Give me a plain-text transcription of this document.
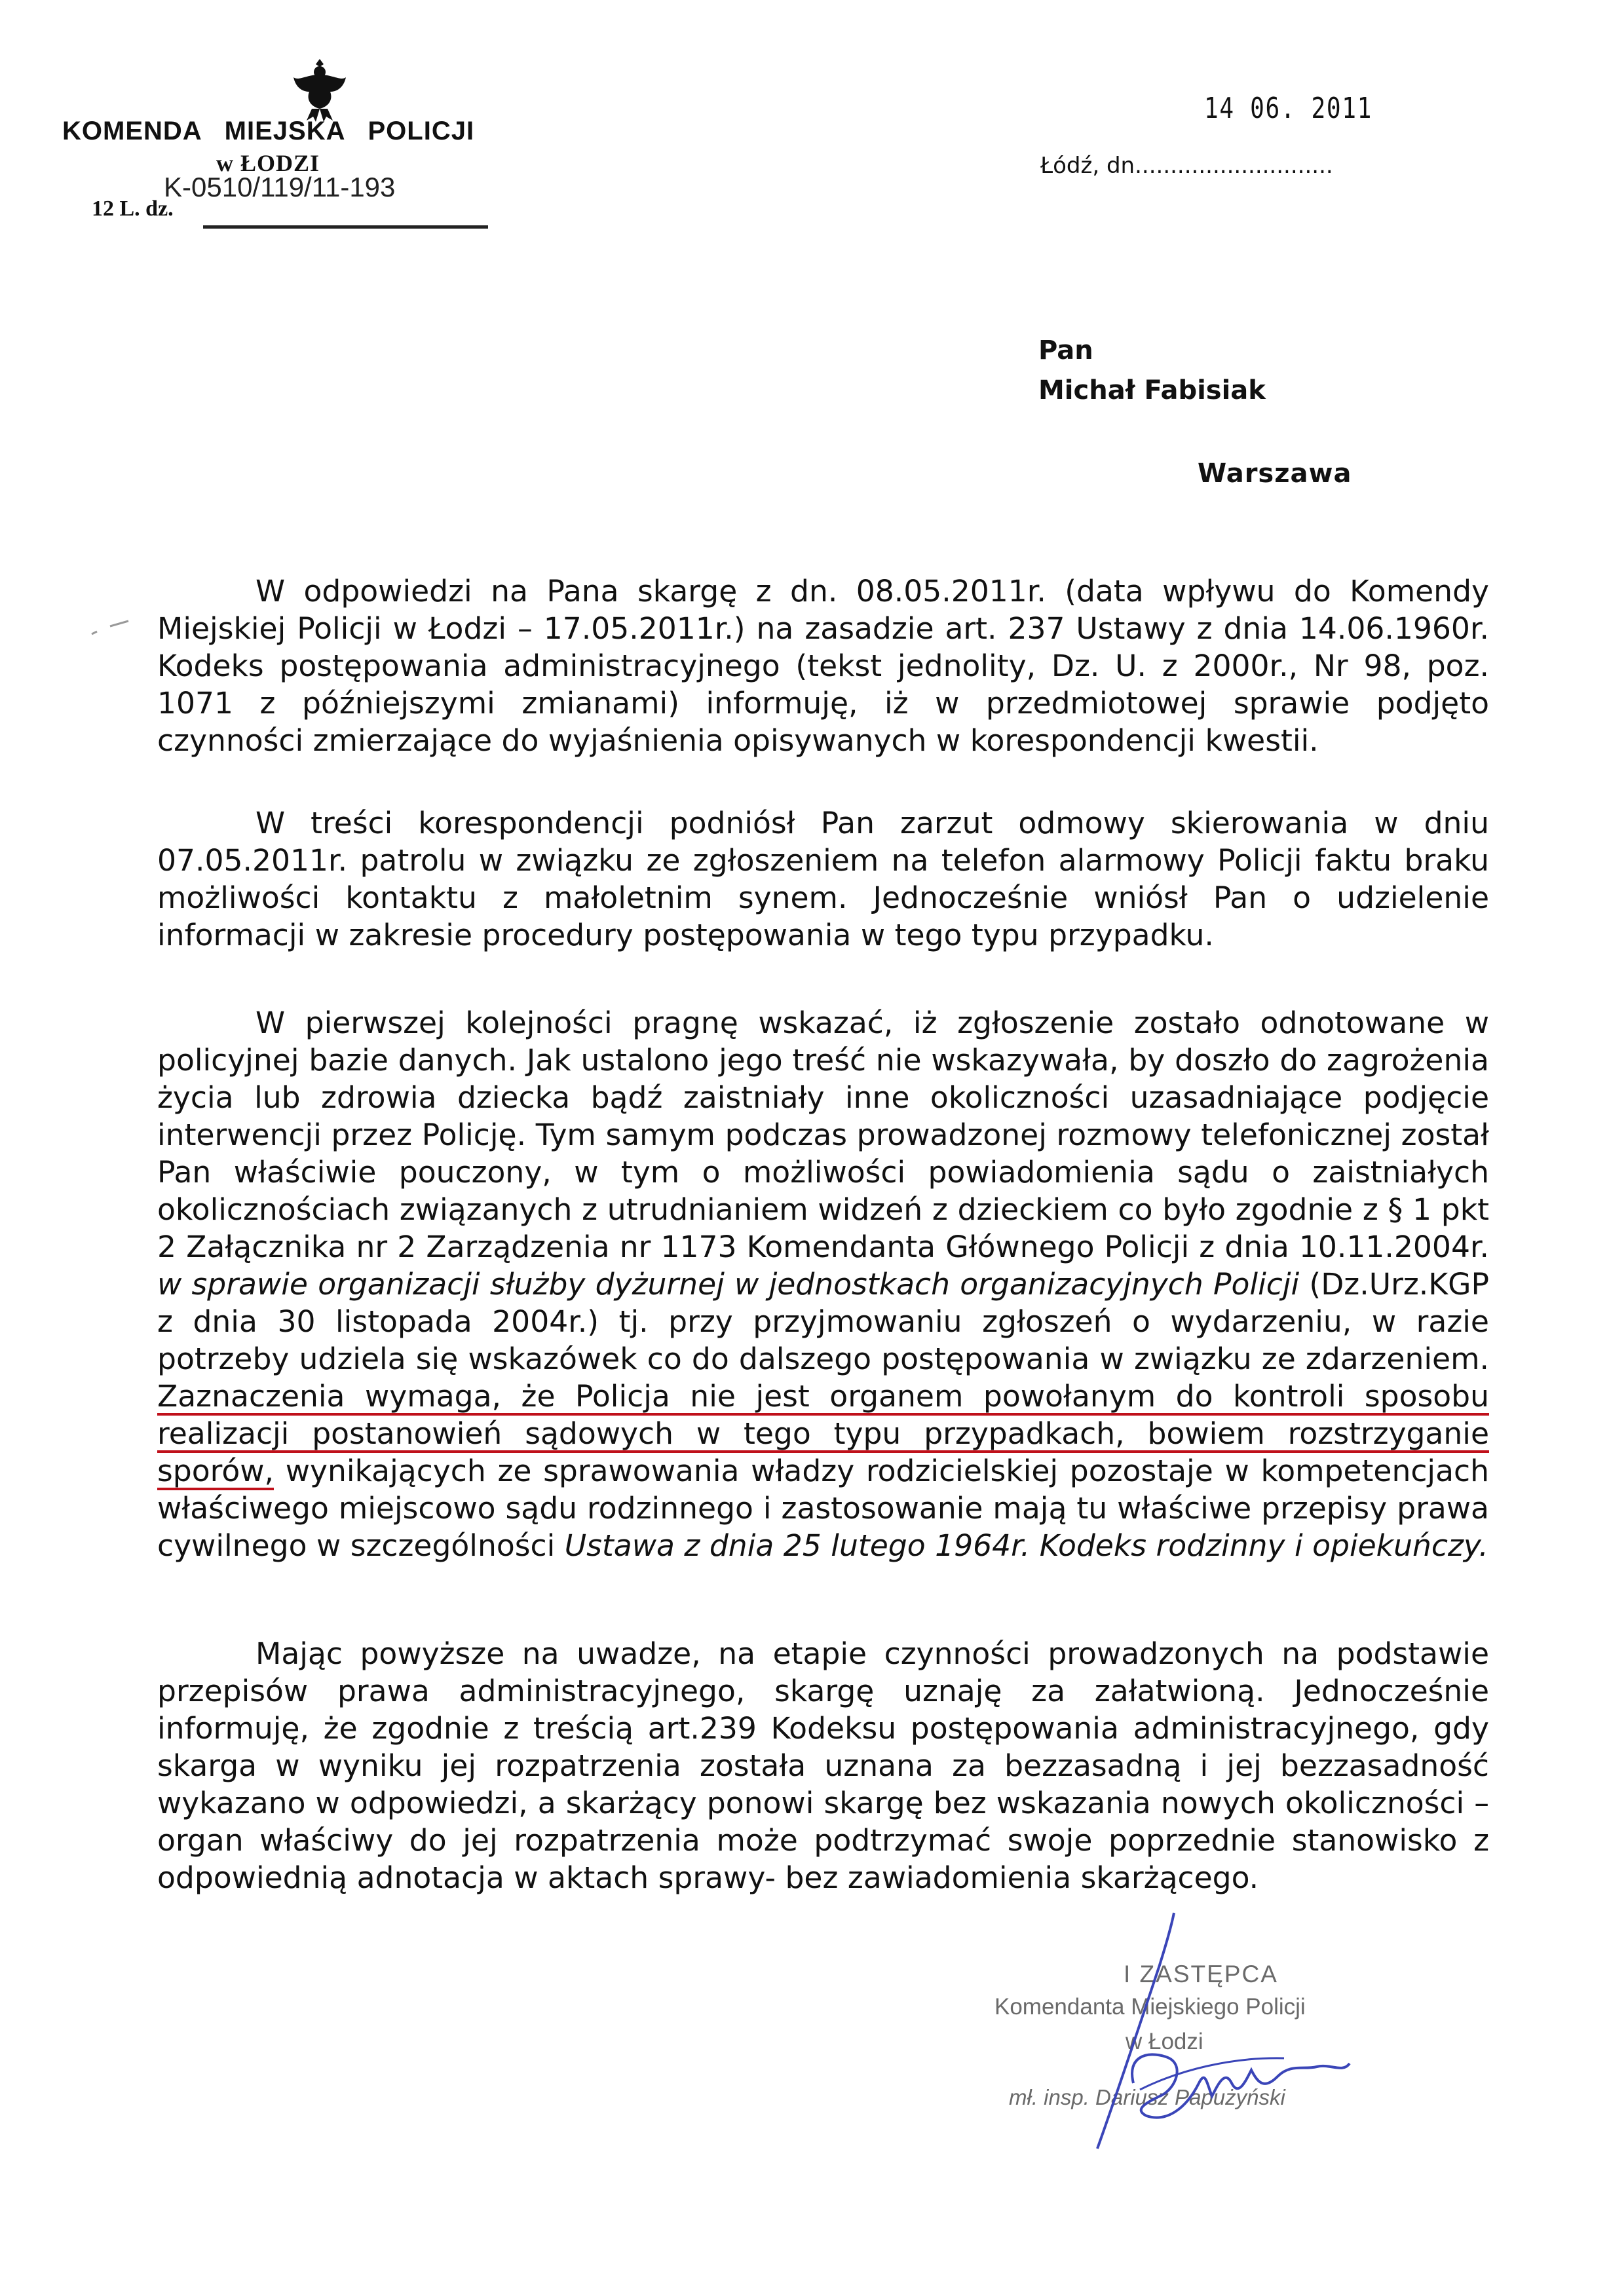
KOMENDA MIEJSKA POLICJI
w ŁODZI
12 L. dz.
K-0510/119/11-193
14 06. 2011
Łódź, dn............................
Pan
Michał Fabisiak
Warszawa
W odpowiedzi na Pana skargę z dn. 08.05.2011r. (data wpływu do Komendy Miejskiej Policji w Łodzi – 17.05.2011r.) na zasadzie art. 237 Ustawy z dnia 14.06.1960r. Kodeks postępowania administracyjnego (tekst jednolity, Dz. U. z 2000r., Nr 98, poz. 1071 z późniejszymi zmianami) informuję, iż w przedmiotowej sprawie podjęto czynności zmierzające do wyjaśnienia opisywanych w korespondencji kwestii.
W treści korespondencji podniósł Pan zarzut odmowy skierowania w dniu 07.05.2011r. patrolu w związku ze zgłoszeniem na telefon alarmowy Policji faktu braku możliwości kontaktu z małoletnim synem. Jednocześnie wniósł Pan o udzielenie informacji w zakresie procedury postępowania w tego typu przypadku.
W pierwszej kolejności pragnę wskazać, iż zgłoszenie zostało odnotowane w policyjnej bazie danych. Jak ustalono jego treść nie wskazywała, by doszło do zagrożenia życia lub zdrowia dziecka bądź zaistniały inne okoliczności uzasadniające podjęcie interwencji przez Policję. Tym samym podczas prowadzonej rozmowy telefonicznej został Pan właściwie pouczony, w tym o możliwości powiadomienia sądu o zaistniałych okolicznościach związanych z utrudnianiem widzeń z dzieckiem co było zgodnie z § 1 pkt 2 Załącznika nr 2 Zarządzenia nr 1173 Komendanta Głównego Policji z dnia 10.11.2004r. w sprawie organizacji służby dyżurnej w jednostkach organizacyjnych Policji (Dz.Urz.KGP z dnia 30 listopada 2004r.) tj. przy przyjmowaniu zgłoszeń o wydarzeniu, w razie potrzeby udziela się wskazówek co do dalszego postępowania w związku ze zdarzeniem. Zaznaczenia wymaga, że Policja nie jest organem powołanym do kontroli sposobu realizacji postanowień sądowych w tego typu przypadkach, bowiem rozstrzyganie sporów, wynikających ze sprawowania władzy rodzicielskiej pozostaje w kompetencjach właściwego miejscowo sądu rodzinnego i zastosowanie mają tu właściwe przepisy prawa cywilnego w szczególności Ustawa z dnia 25 lutego 1964r. Kodeks rodzinny i opiekuńczy.
Mając powyższe na uwadze, na etapie czynności prowadzonych na podstawie przepisów prawa administracyjnego, skargę uznaję za załatwioną. Jednocześnie informuję, że zgodnie z treścią art.239 Kodeksu postępowania administracyjnego, gdy skarga w wyniku jej rozpatrzenia została uznana za bezzasadną i jej bezzasadność wykazano w odpowiedzi, a skarżący ponowi skargę bez wskazania nowych okoliczności – organ właściwy do jej rozpatrzenia może podtrzymać swoje poprzednie stanowisko z odpowiednią adnotacja w aktach sprawy- bez zawiadomienia skarżącego.
I ZASTĘPCA
Komendanta Miejskiego Policji
w Łodzi
mł. insp. Dariusz Papużyński
